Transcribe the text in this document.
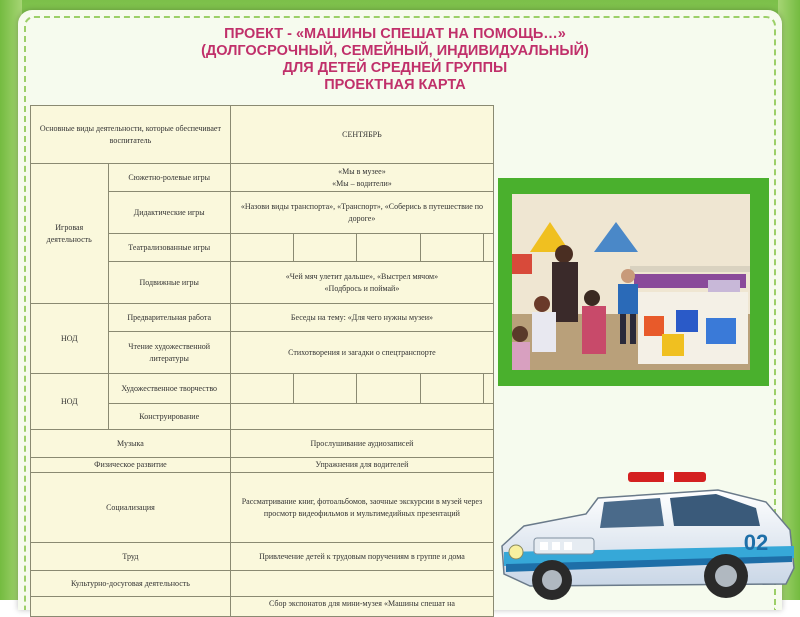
ПРОЕКТ - «МАШИНЫ СПЕШАТ НА ПОМОЩЬ…»
(ДОЛГОСРОЧНЫЙ, СЕМЕЙНЫЙ, ИНДИВИДУАЛЬНЫЙ)
ДЛЯ ДЕТЕЙ СРЕДНЕЙ ГРУППЫ
ПРОЕКТНАЯ КАРТА
Основные виды деятельности, которые обеспечивает воспитатель		СЕНТЯБРЬ				
Игровая деятельность	Сюжетно-ролевые игры	«Мы в музее»
«Мы – водители»				

	Дидактические игры	«Назови виды транспорта», «Транспорт», «Соберись в путешествие по дороге»				
	Театрализованные игры					
	Подвижные игры	«Чей мяч улетит дальше», «Выстрел мячом»
«Подбрось и поймай»				

НОД	Предварительная работа	Беседы на тему: «Для чего нужны музеи»				
	Чтение художественной литературы	Стихотворения и загадки о спецтранспорте				
НОД	Художественное творчество					
	Конструирование					
Музыка		Прослушивание аудиозаписей				
Физическое развитие		Упражнения для водителей				
Социализация		Рассматривание книг, фотоальбомов, заочные экскурсии в музей через просмотр видеофильмов и мультимедийных презентаций				
Труд		Привлечение детей к трудовым поручениям в группе и дома				
Культурно-досуговая деятельность						
		Сбор экспонатов для мини-музея «Машины спешат на				
02
